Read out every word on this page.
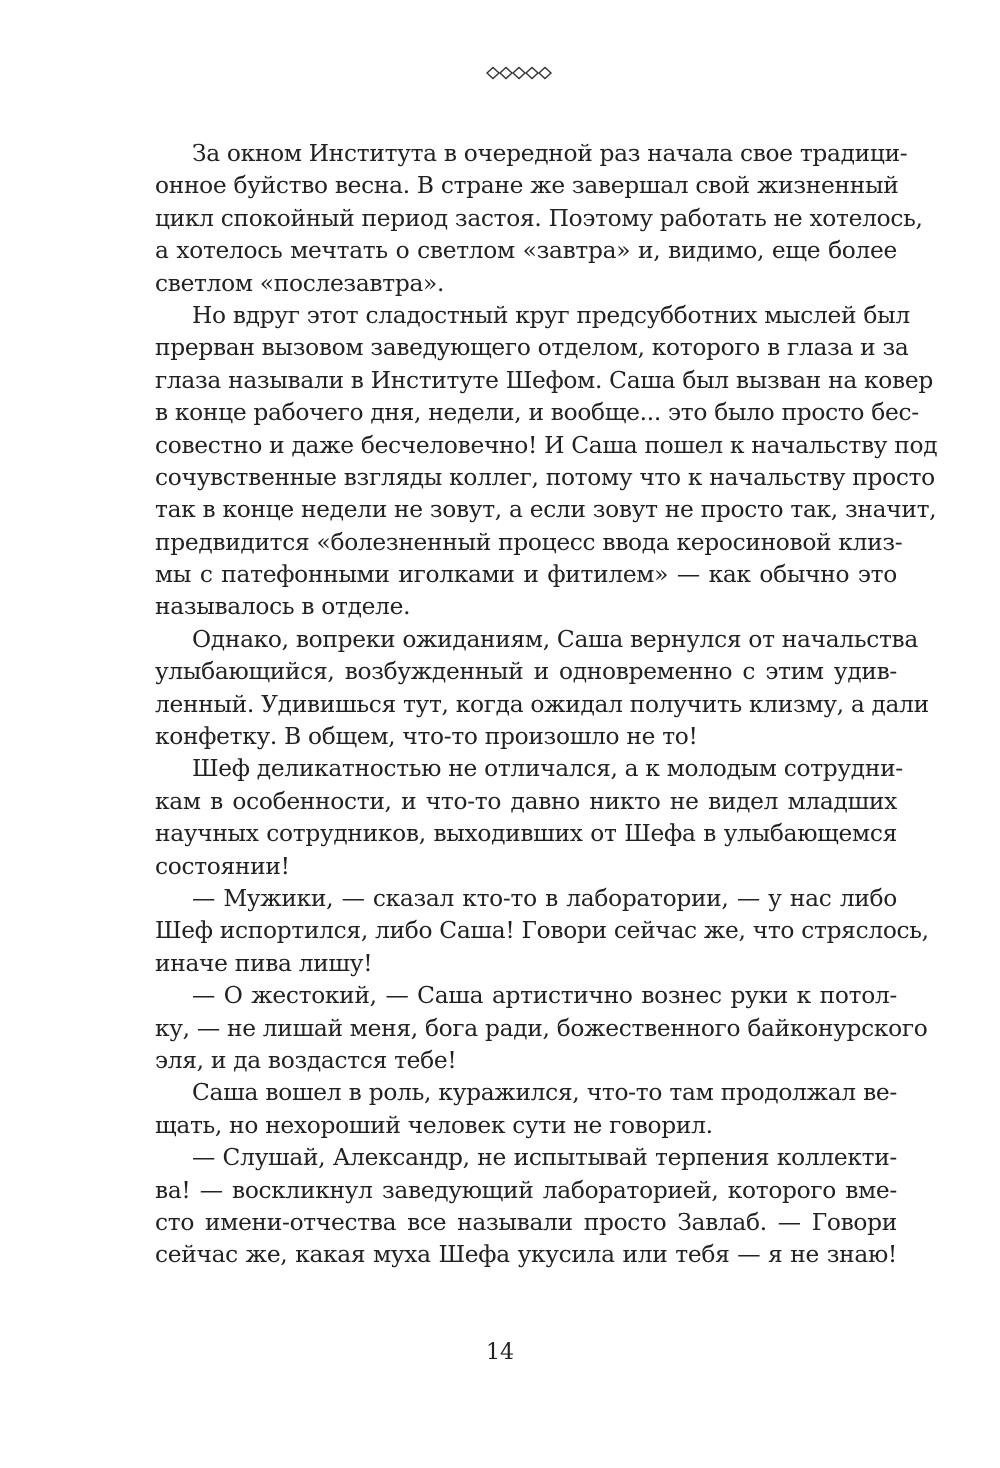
За окном Института в очередной раз начала свое традици-
онное буйство весна. В стране же завершал свой жизненный
цикл спокойный период застоя. Поэтому работать не хотелось,
а хотелось мечтать о светлом «завтра» и, видимо, еще более
светлом «послезавтра».
Но вдруг этот сладостный круг предсубботних мыслей был
прерван вызовом заведующего отделом, которого в глаза и за
глаза называли в Институте Шефом. Саша был вызван на ковер
в конце рабочего дня, недели, и вообще... это было просто бес-
совестно и даже бесчеловечно! И Саша пошел к начальству под
сочувственные взгляды коллег, потому что к начальству просто
так в конце недели не зовут, а если зовут не просто так, значит,
предвидится «болезненный процесс ввода керосиновой клиз-
мы с патефонными иголками и фитилем» — как обычно это
называлось в отделе.
Однако, вопреки ожиданиям, Саша вернулся от начальства
улыбающийся, возбужденный и одновременно с этим удив-
ленный. Удивишься тут, когда ожидал получить клизму, а дали
конфетку. В общем, что-то произошло не то!
Шеф деликатностью не отличался, а к молодым сотрудни-
кам в особенности, и что-то давно никто не видел младших
научных сотрудников, выходивших от Шефа в улыбающемся
состоянии!
— Мужики, — сказал кто-то в лаборатории, — у нас либо
Шеф испортился, либо Саша! Говори сейчас же, что стряслось,
иначе пива лишу!
— О жестокий, — Саша артистично вознес руки к потол-
ку, — не лишай меня, бога ради, божественного байконурского
эля, и да воздастся тебе!
Саша вошел в роль, куражился, что-то там продолжал ве-
щать, но нехороший человек сути не говорил.
— Слушай, Александр, не испытывай терпения коллекти-
ва! — воскликнул заведующий лабораторией, которого вме-
сто имени-отчества все называли просто Завлаб. — Говори
сейчас же, какая муха Шефа укусила или тебя — я не знаю!
14
